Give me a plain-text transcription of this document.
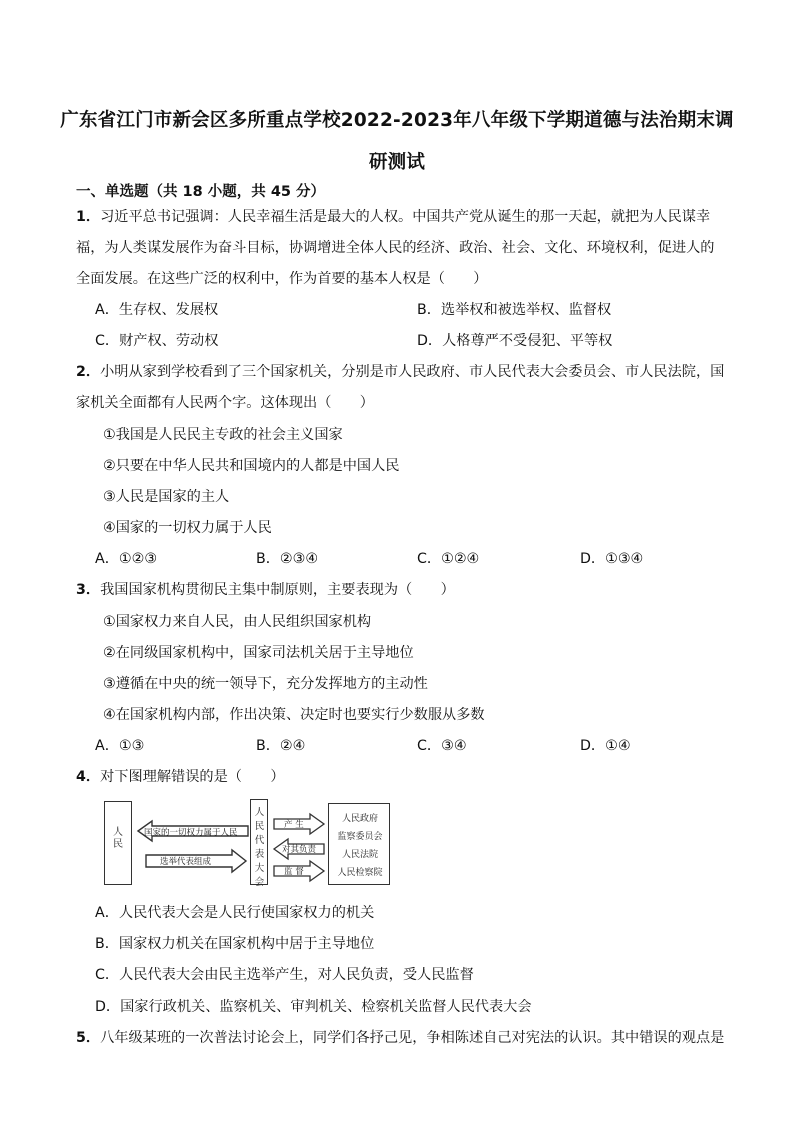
广东省江门市新会区多所重点学校2022-2023年八年级下学期道德与法治期末调
研测试
一、单选题（共 18 小题，共 45 分）
1．习近平总书记强调：人民幸福生活是最大的人权。中国共产党从诞生的那一天起，就把为人民谋幸
福，为人类谋发展作为奋斗目标，协调增进全体人民的经济、政治、社会、文化、环境权利，促进人的
全面发展。在这些广泛的权利中，作为首要的基本人权是（　　）
A．生存权、发展权	B．选举权和被选举权、监督权
C．财产权、劳动权	D．人格尊严不受侵犯、平等权
2．小明从家到学校看到了三个国家机关，分别是市人民政府、市人民代表大会委员会、市人民法院，国
家机关全面都有人民两个字。这体现出（　　）
①我国是人民民主专政的社会主义国家
②只要在中华人民共和国境内的人都是中国人民
③人民是国家的主人
④国家的一切权力属于人民
A．①②③	B．②③④	C．①②④	D．①③④
3．我国国家机构贯彻民主集中制原则，主要表现为（　　）
①国家权力来自人民，由人民组织国家机构
②在同级国家机构中，国家司法机关居于主导地位
③遵循在中央的统一领导下，充分发挥地方的主动性
④在国家机构内部，作出决策、决定时也要实行少数服从多数
A．①③	B．②④	C．③④	D．①④
4．对下图理解错误的是（　　）
人
民
国家的一切权力属于人民
选举代表组成
人
民
代
表
大
会
产 生
对其负责
监 督
人民政府
监察委员会
人民法院
人民检察院
A．人民代表大会是人民行使国家权力的机关
B．国家权力机关在国家机构中居于主导地位
C．人民代表大会由民主选举产生，对人民负责，受人民监督
D．国家行政机关、监察机关、审判机关、检察机关监督人民代表大会
5．八年级某班的一次普法讨论会上，同学们各抒己见，争相陈述自己对宪法的认识。其中错误的观点是
